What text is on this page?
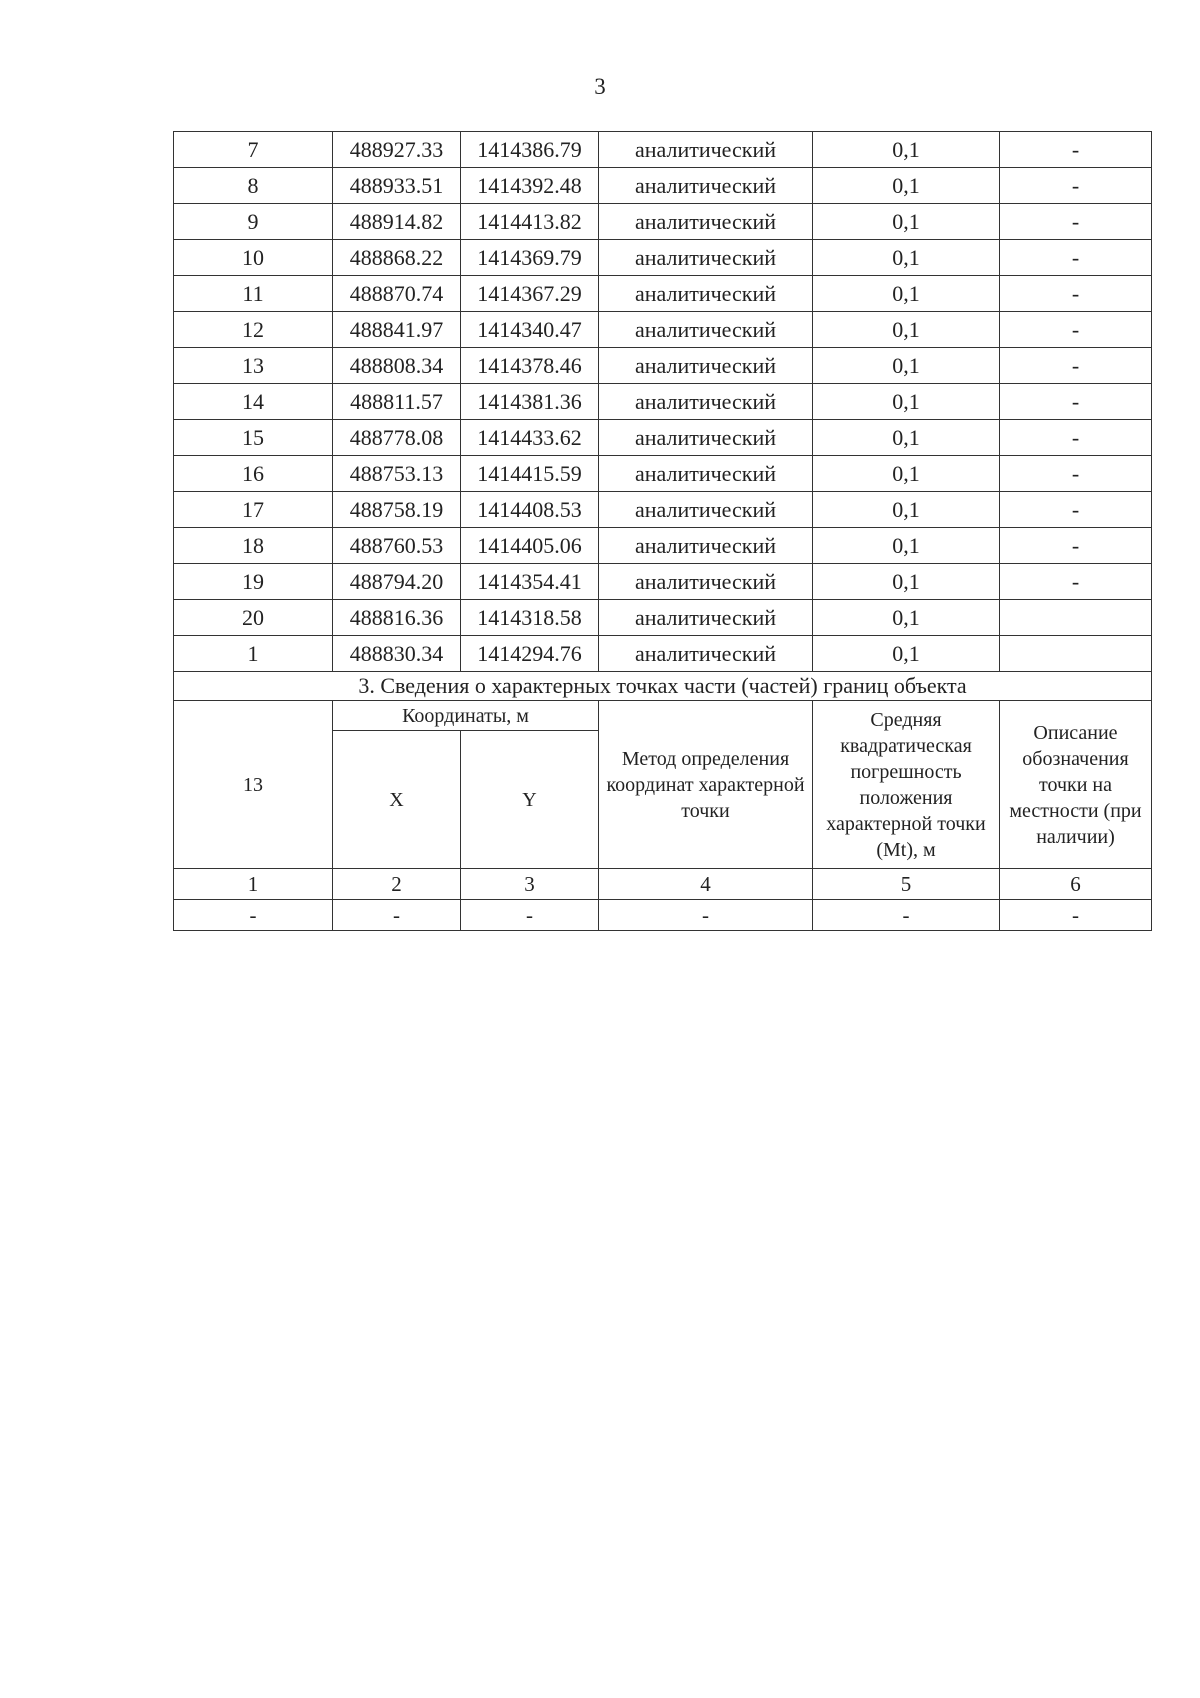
3
7	488927.33	1414386.79	аналитический	0,1	-
8	488933.51	1414392.48	аналитический	0,1	-
9	488914.82	1414413.82	аналитический	0,1	-
10	488868.22	1414369.79	аналитический	0,1	-
11	488870.74	1414367.29	аналитический	0,1	-
12	488841.97	1414340.47	аналитический	0,1	-
13	488808.34	1414378.46	аналитический	0,1	-
14	488811.57	1414381.36	аналитический	0,1	-
15	488778.08	1414433.62	аналитический	0,1	-
16	488753.13	1414415.59	аналитический	0,1	-
17	488758.19	1414408.53	аналитический	0,1	-
18	488760.53	1414405.06	аналитический	0,1	-
19	488794.20	1414354.41	аналитический	0,1	-
20	488816.36	1414318.58	аналитический	0,1	
1	488830.34	1414294.76	аналитический	0,1	
3. Сведения о характерных точках части (частей) границ объекта					
13	Координаты, м		Метод определения координат характерной точки	Средняя квадратическая погрешность положения характерной точки (Mt), м	Описание обозначения точки на местности (при наличии)
	X	Y			
1	2	3	4	5	6
-	-	-	-	-	-
